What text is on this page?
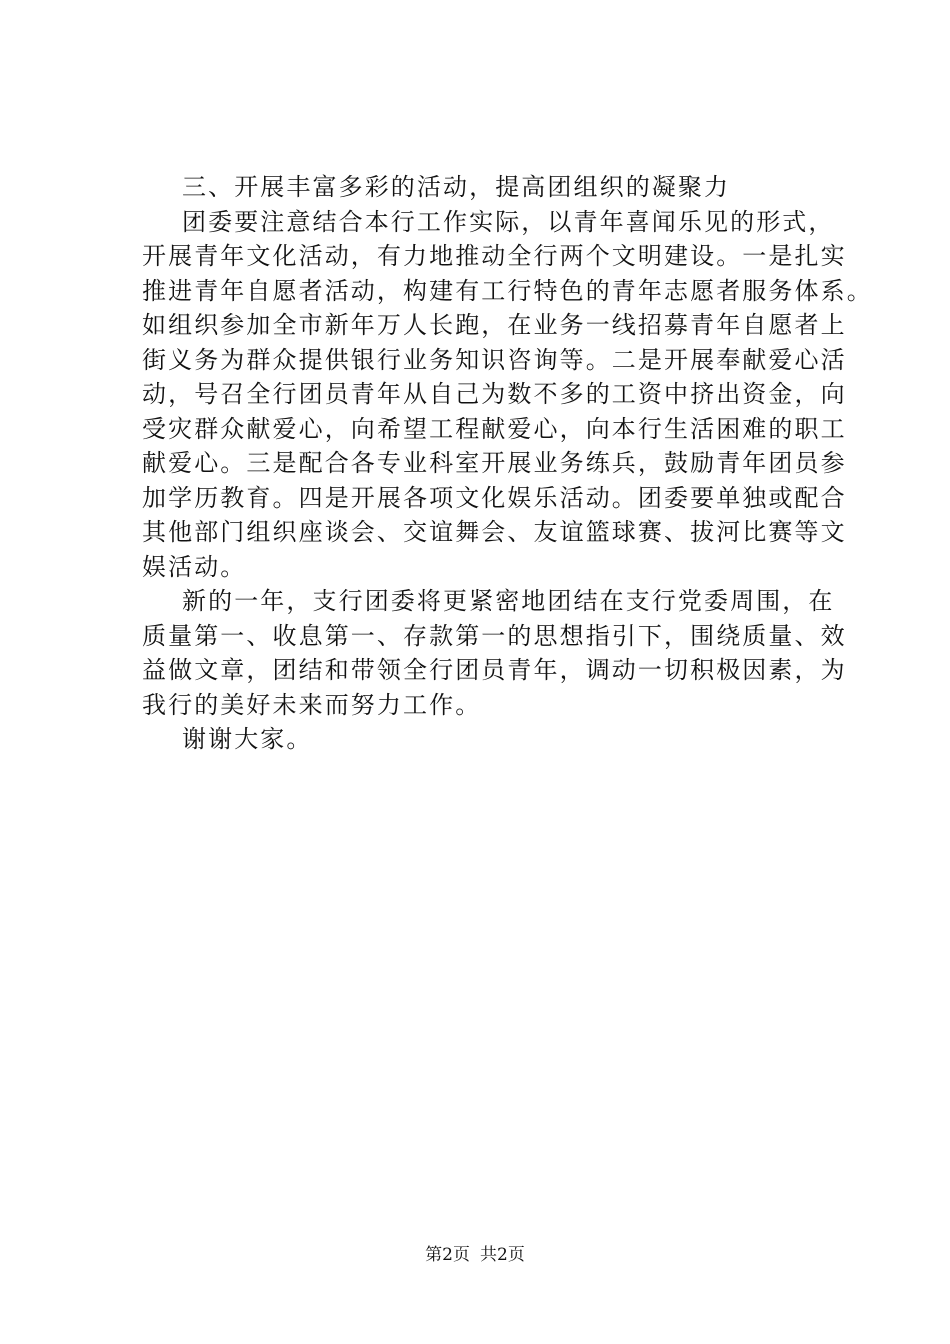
三、开展丰富多彩的活动，提高团组织的凝聚力
团委要注意结合本行工作实际，以青年喜闻乐见的形式，
开展青年文化活动，有力地推动全行两个文明建设。一是扎实
推进青年自愿者活动，构建有工行特色的青年志愿者服务体系。
如组织参加全市新年万人长跑，在业务一线招募青年自愿者上
街义务为群众提供银行业务知识咨询等。二是开展奉献爱心活
动，号召全行团员青年从自己为数不多的工资中挤出资金，向
受灾群众献爱心，向希望工程献爱心，向本行生活困难的职工
献爱心。三是配合各专业科室开展业务练兵，鼓励青年团员参
加学历教育。四是开展各项文化娱乐活动。团委要单独或配合
其他部门组织座谈会、交谊舞会、友谊篮球赛、拔河比赛等文
娱活动。
新的一年，支行团委将更紧密地团结在支行党委周围，在
质量第一、收息第一、存款第一的思想指引下，围绕质量、效
益做文章，团结和带领全行团员青年，调动一切积极因素，为
我行的美好未来而努力工作。
谢谢大家。
第2页 共2页
